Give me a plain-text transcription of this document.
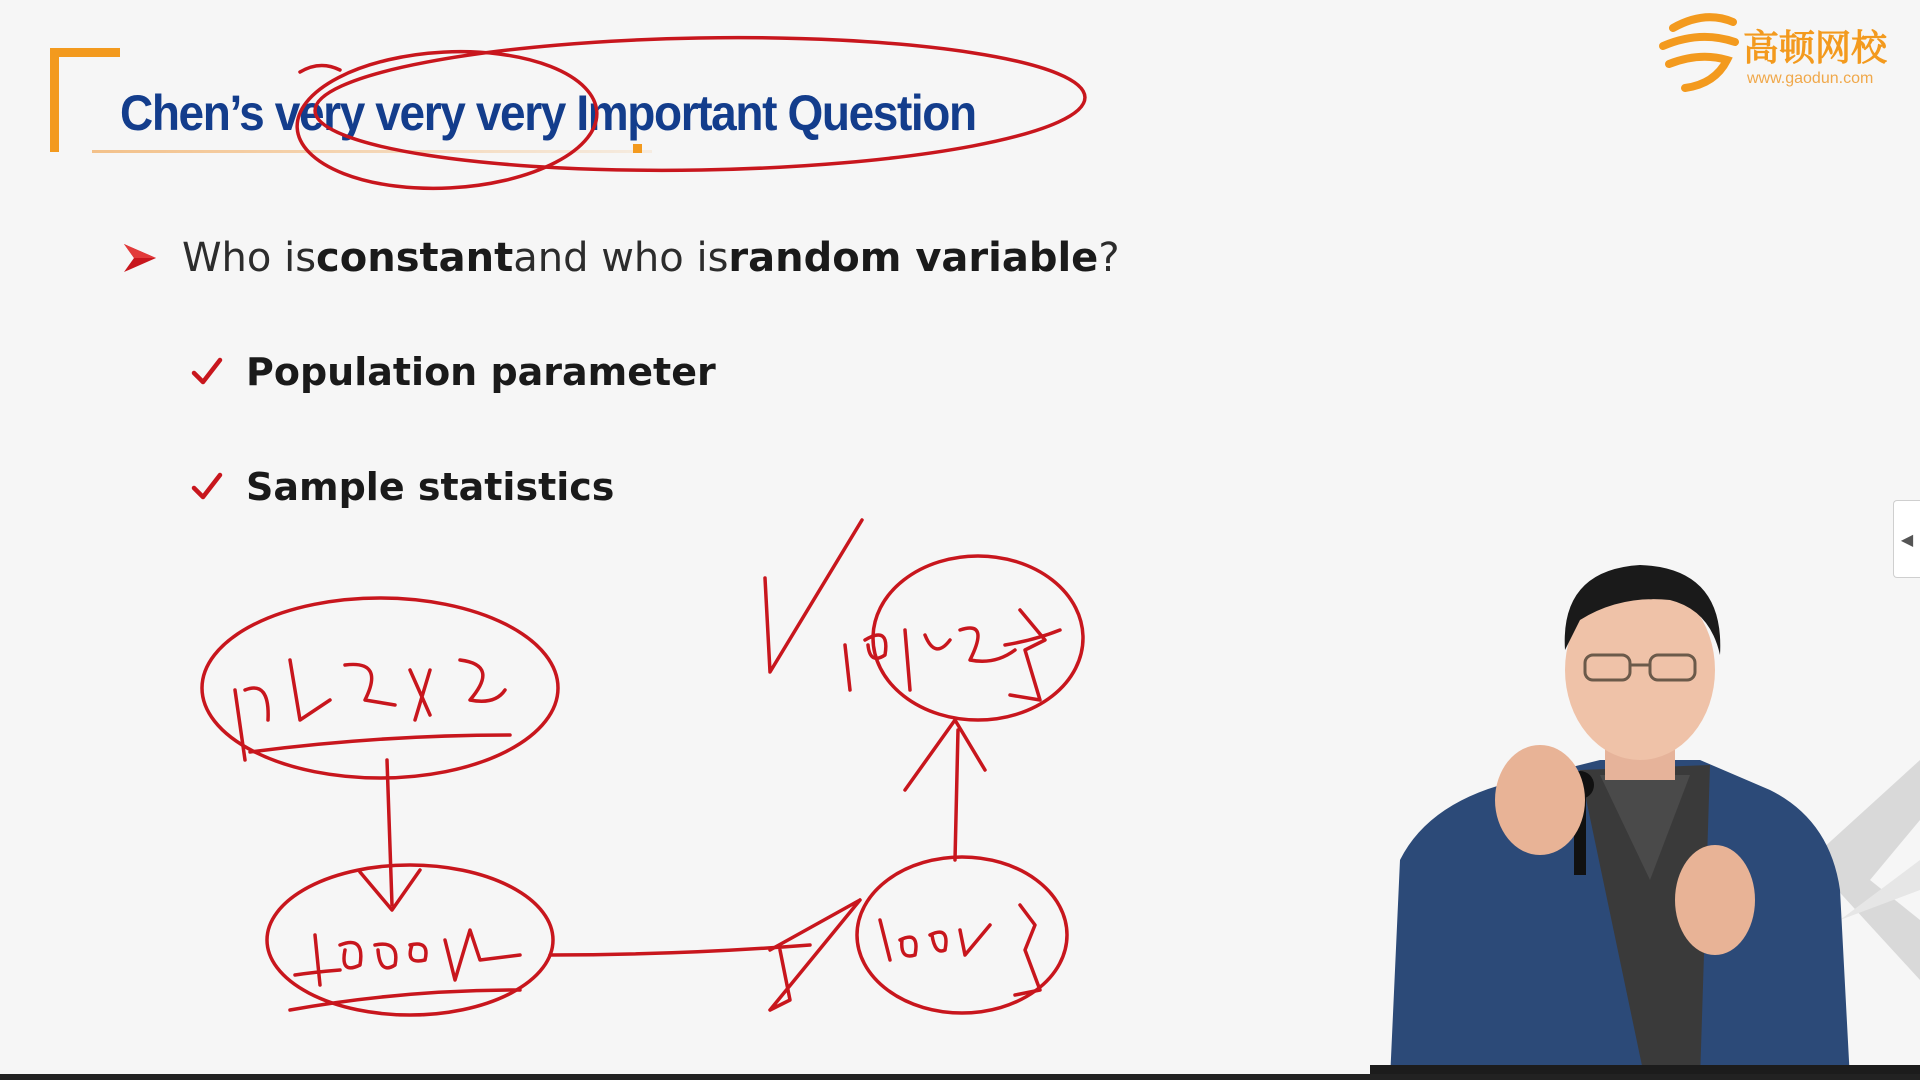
Chen’s very very very Important Question
高顿网校
www.gaodun.com
Who is constant and who is random variable ?
Population parameter
Sample statistics
◀
